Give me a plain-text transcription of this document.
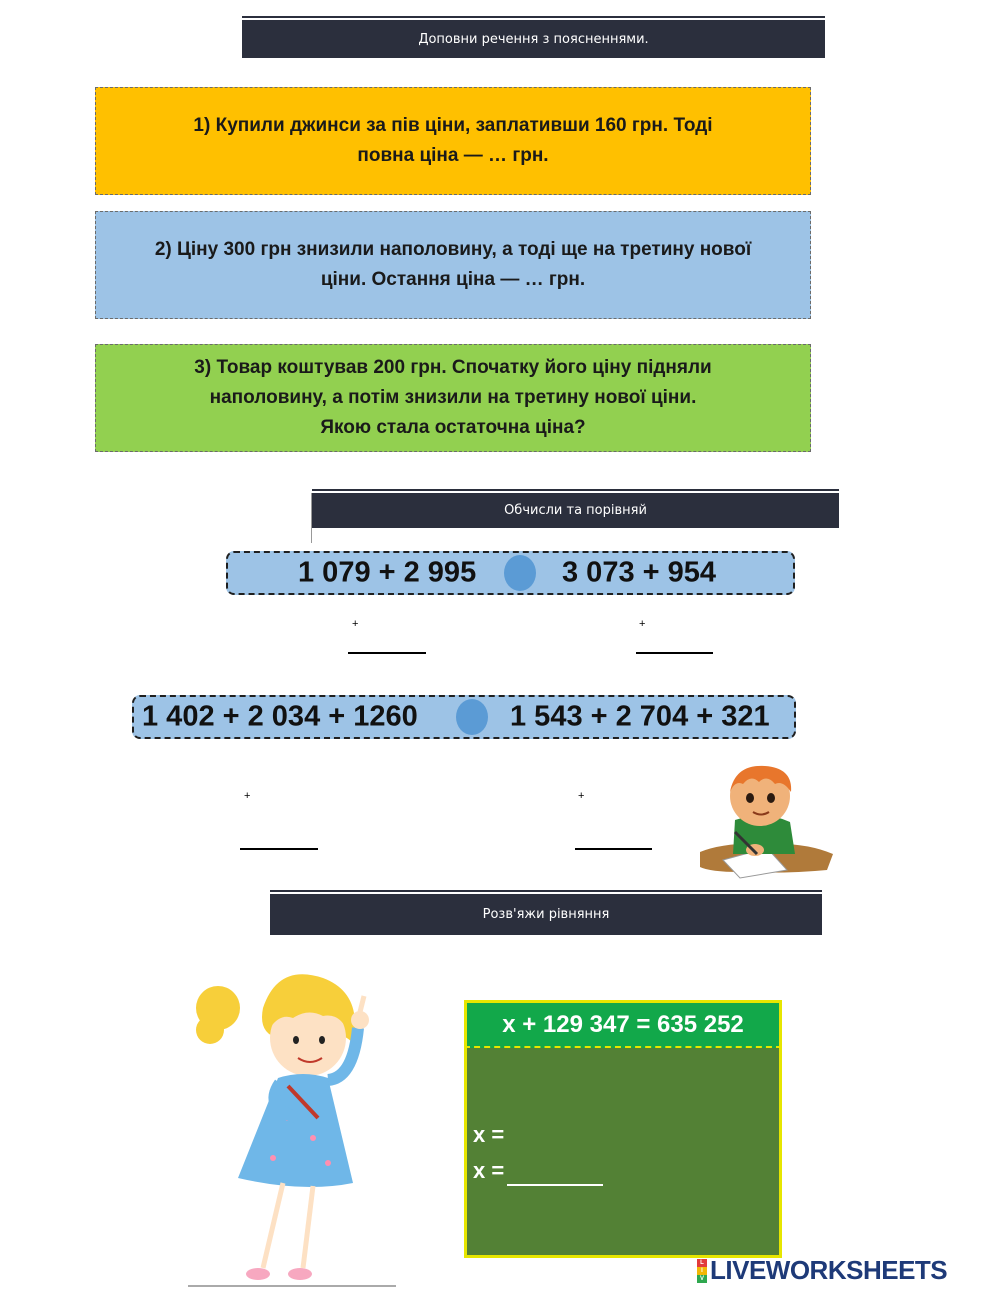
Доповни речення з поясненнями.
1) Купили джинси за пів ціни, заплативши 160 грн. Тоді
повна ціна — … грн.
2) Ціну 300 грн знизили наполовину, а тоді ще на третину нової
ціни. Остання ціна — … грн.
3) Товар коштував 200 грн. Спочатку його ціну підняли
наполовину, а потім знизили на третину нової ціни.
Якою стала остаточна ціна?
Обчисли та порівняй
1 079 + 2 995	3 073 + 954
+	+
1 402 + 2 034 + 1260	1 543 + 2 704 + 321
+	+
Розв'яжи рівняння
x + 129 347 = 635 252
x =
x =
L
I
V LIVEWORKSHEETS
